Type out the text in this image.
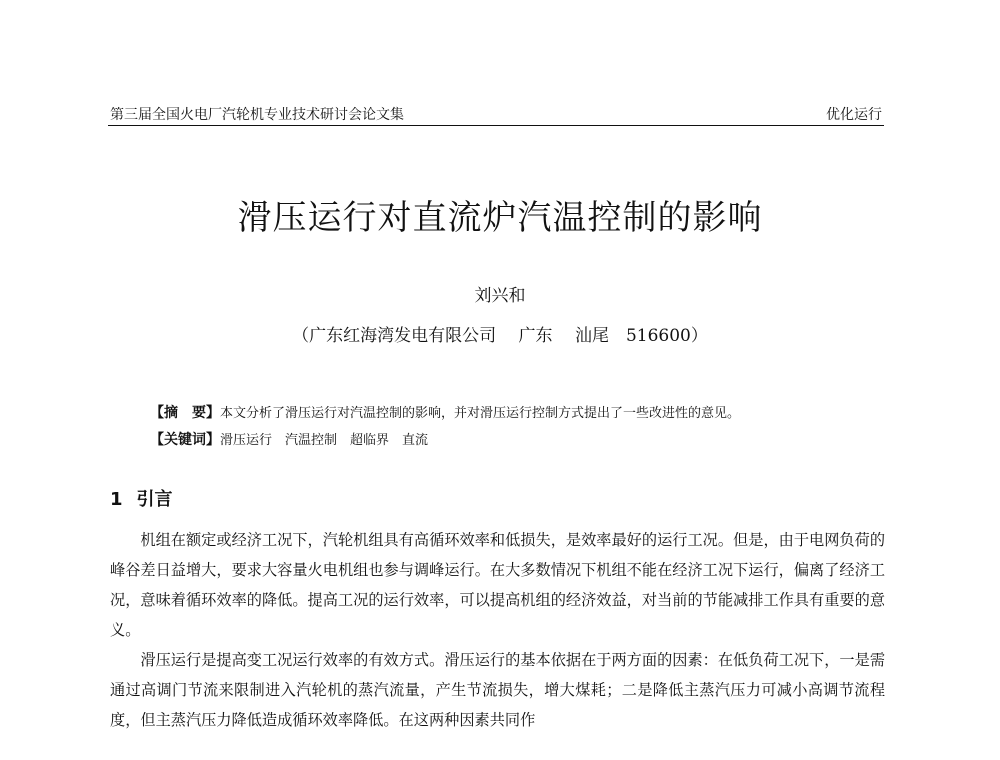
第三届全国火电厂汽轮机专业技术研讨会论文集	优化运行
滑压运行对直流炉汽温控制的影响
刘兴和
（广东红海湾发电有限公司　 广东　 汕尾　516600）
【摘　要】本文分析了滑压运行对汽温控制的影响，并对滑压运行控制方式提出了一些改进性的意见。
【关键词】滑压运行　汽温控制　超临界　直流
1 引言

机组在额定或经济工况下，汽轮机组具有高循环效率和低损失，是效率最好的运行工况。但是，由于电网负荷的峰谷差日益增大，要求大容量火电机组也参与调峰运行。在大多数情况下机组不能在经济工况下运行，偏离了经济工况，意味着循环效率的降低。提高工况的运行效率，可以提高机组的经济效益，对当前的节能减排工作具有重要的意义。

滑压运行是提高变工况运行效率的有效方式。滑压运行的基本依据在于两方面的因素：在低负荷工况下，一是需通过高调门节流来限制进入汽轮机的蒸汽流量，产生节流损失，增大煤耗；二是降低主蒸汽压力可减小高调节流程度，但主蒸汽压力降低造成循环效率降低。在这两种因素共同作
